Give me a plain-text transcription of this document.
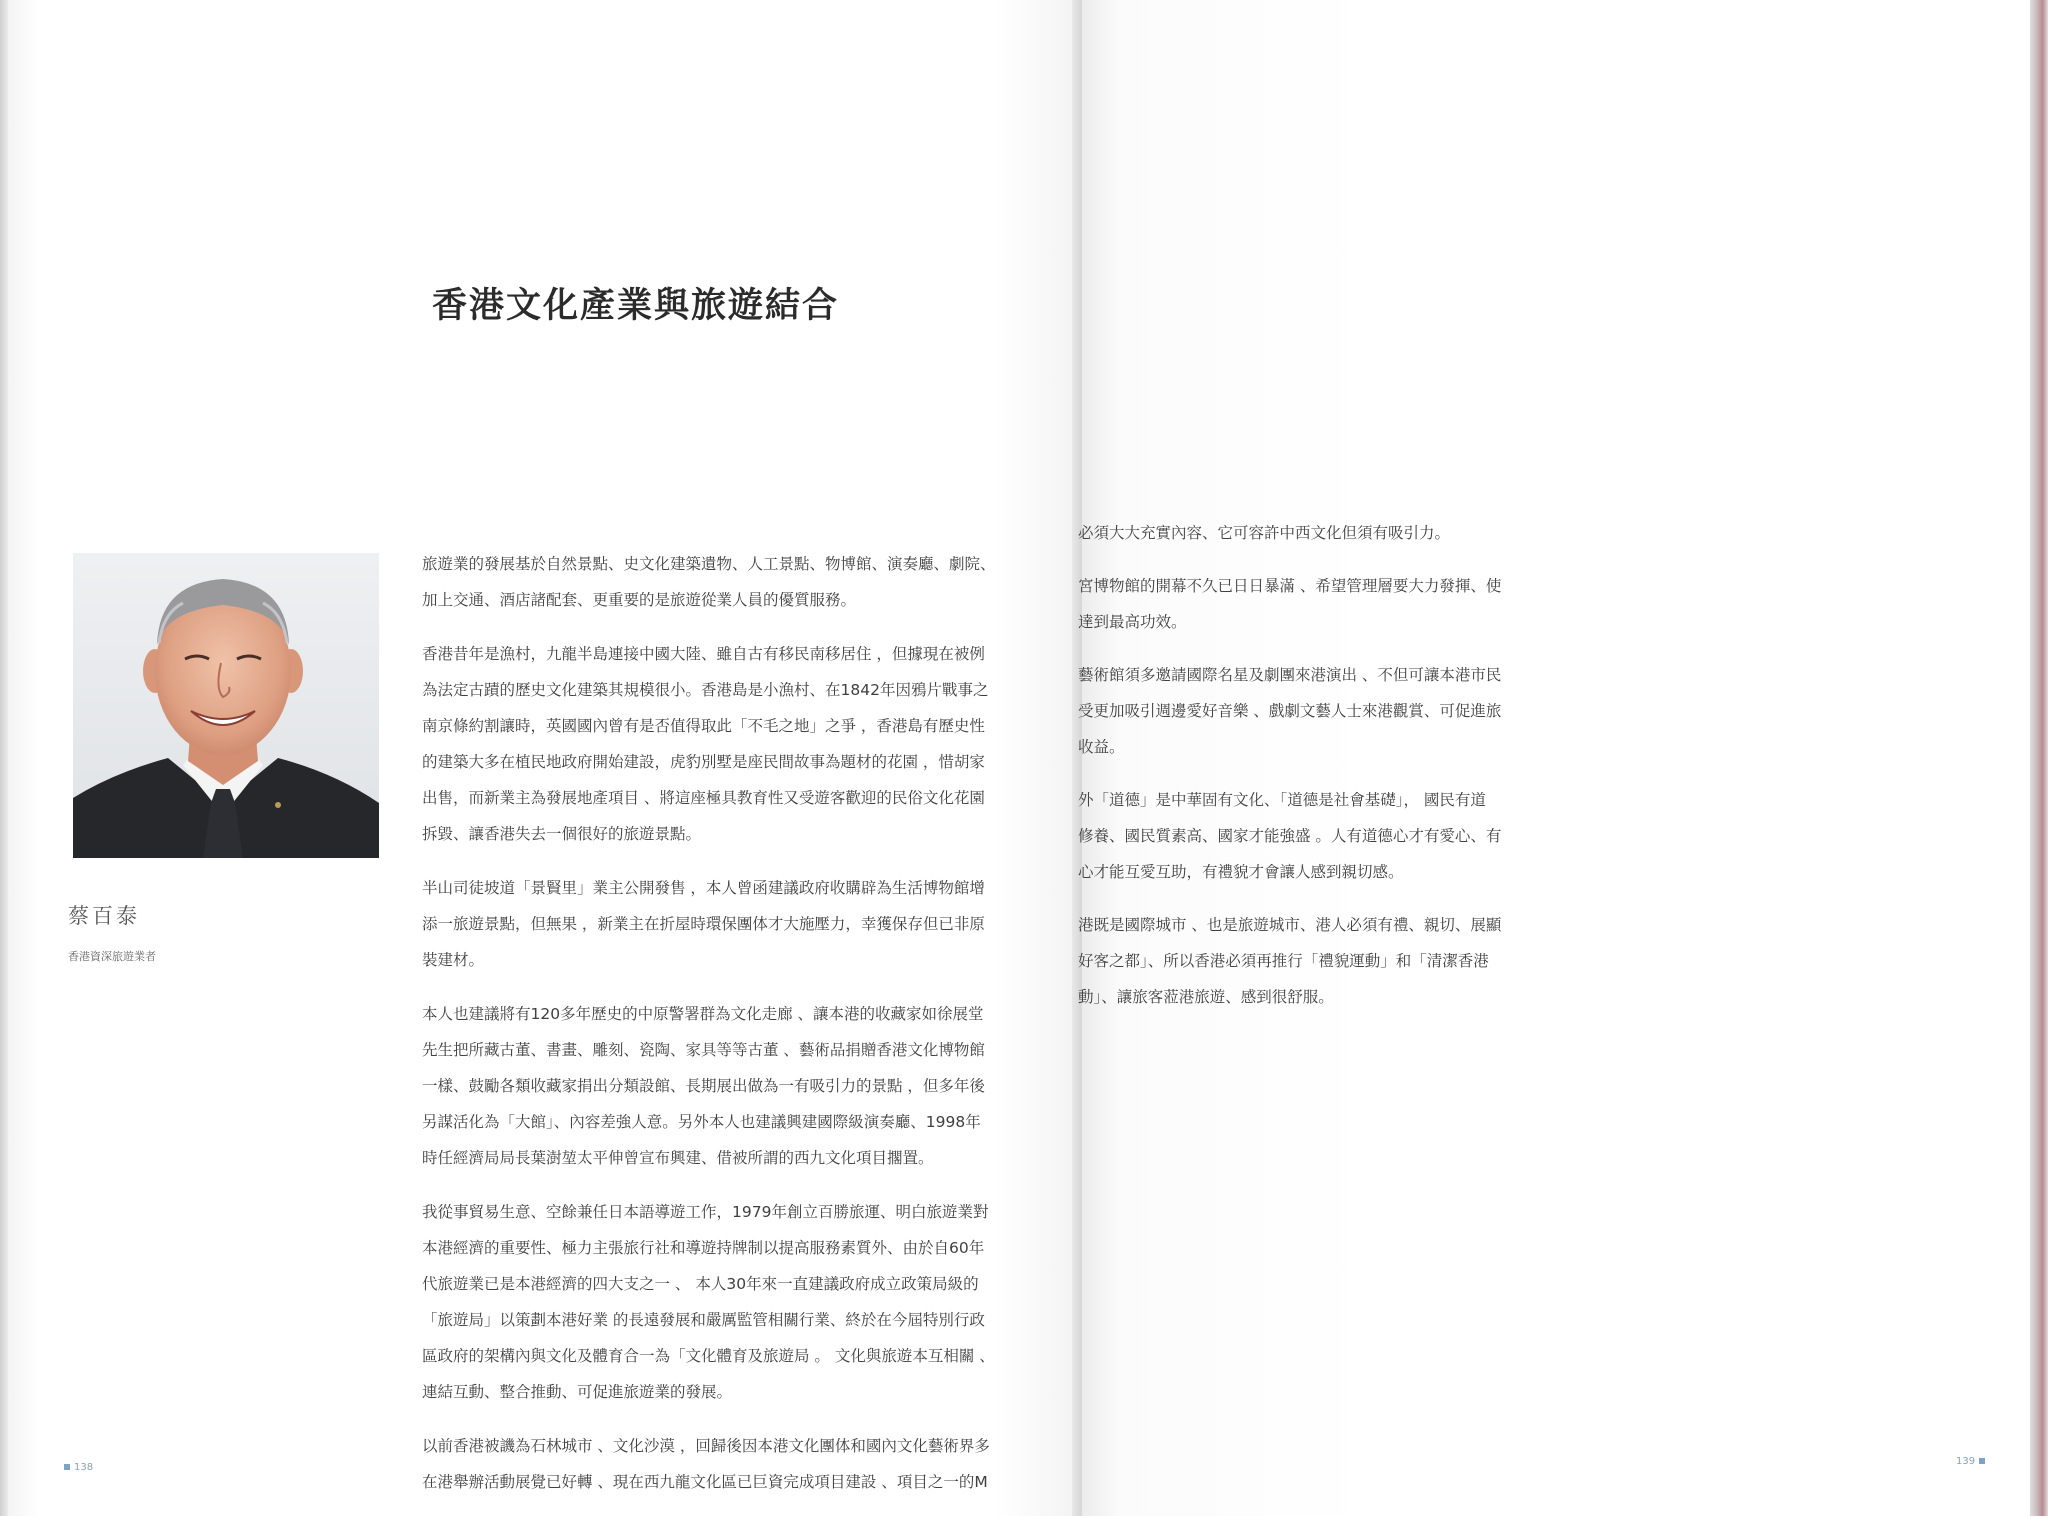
香港文化產業與旅遊結合
蔡百泰
香港資深旅遊業者
旅遊業的發展基於自然景點、史文化建築遺物、人工景點、物博館、演奏廳、劇院、
加上交通、酒店諸配套、更重要的是旅遊從業人員的優質服務。
香港昔年是漁村，九龍半島連接中國大陸、雖自古有移民南移居住 ，但據現在被例
為法定古蹟的歷史文化建築其規模很小。香港島是小漁村、在1842年因鴉片戰事之
南京條約割讓時，英國國內曾有是否值得取此「不毛之地」之爭 ，香港島有歷史性
的建築大多在植民地政府開始建設，虎豹別墅是座民間故事為題材的花園 ，惜胡家
出售，而新業主為發展地產項目 、將這座極具教育性又受遊客歡迎的民俗文化花園
拆毀、讓香港失去一個很好的旅遊景點。
半山司徒坡道「景賢里」業主公開發售 ，本人曾函建議政府收購辟為生活博物館增
添一旅遊景點，但無果 ，新業主在折屋時環保團体才大施壓力，幸獲保存但已非原
裝建材。
本人也建議將有120多年歷史的中原警署群為文化走廊 、讓本港的收藏家如徐展堂
先生把所藏古董、書畫、雕刻、瓷陶、家具等等古董 、藝術品捐贈香港文化博物館
一樣、鼓勵各類收藏家捐出分類設館、長期展出做為一有吸引力的景點 ，但多年後
另謀活化為「大館」、內容差強人意。另外本人也建議興建國際級演奏廳、1998年
時任經濟局局長葉澍堃太平伸曾宣布興建、借被所謂的西九文化項目擱置。
我從事貿易生意、空餘兼任日本語導遊工作，1979年創立百勝旅運、明白旅遊業對
本港經濟的重要性、極力主張旅行社和導遊持牌制以提高服務素質外、由於自60年
代旅遊業已是本港經濟的四大支之一 、 本人30年來一直建議政府成立政策局級的
「旅遊局」以策劃本港好業 的長遠發展和嚴厲監管相關行業、終於在今屆特別行政
區政府的架構內與文化及體育合一為「文化體育及旅遊局 。 文化與旅遊本互相關 、
連結互動、整合推動、可促進旅遊業的發展。
以前香港被譏為石林城市 、文化沙漠 ，回歸後因本港文化團体和國內文化藝術界多
在港舉辦活動展覺已好轉 、現在西九龍文化區已巨資完成項目建設 、項目之一的M
必須大大充實內容、它可容許中西文化但須有吸引力。
宮博物館的開幕不久已日日暴滿 、希望管理層要大力發揮、使
達到最高功效。
藝術館須多邀請國際名星及劇團來港演出 、不但可讓本港市民
受更加吸引週邊愛好音樂 、戲劇文藝人士來港觀賞、可促進旅
收益。
外「道德」是中華固有文化、「道德是社會基礎」， 國民有道
修養、國民質素高、國家才能強盛 。人有道德心才有愛心、有
心才能互愛互助，有禮貌才會讓人感到親切感。
港既是國際城市 、也是旅遊城市、港人必須有禮、親切、展顯
好客之都」、所以香港必須再推行「禮貌運動」和「清潔香港
動」、讓旅客蒞港旅遊、感到很舒服。
138
139
